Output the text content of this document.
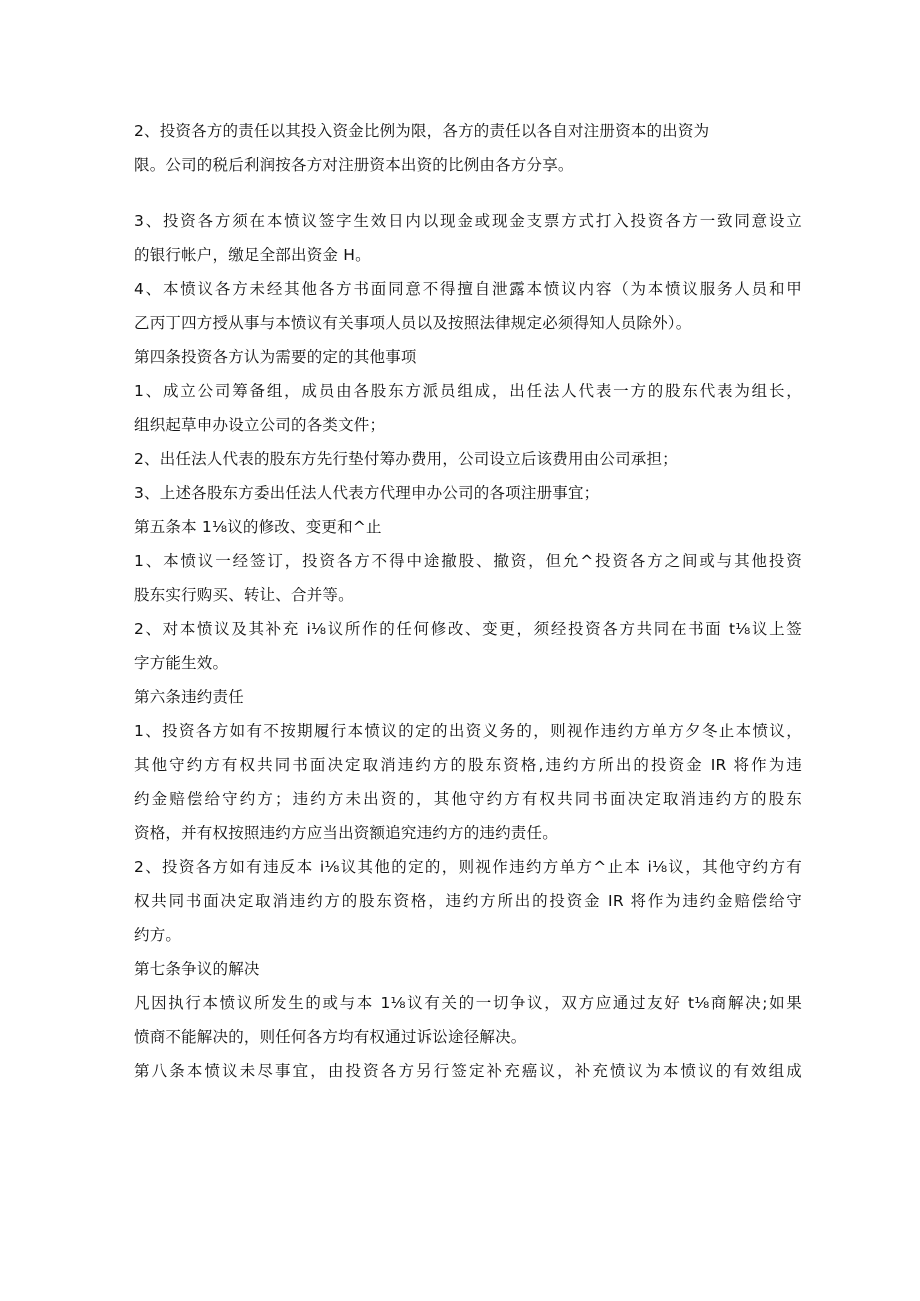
2、投资各方的责任以其投入资金比例为限，各方的责任以各自对注册资本的出资为
限。公司的税后利润按各方对注册资本出资的比例由各方分享。
3、投资各方须在本愤议签字生效日内以现金或现金支票方式打入投资各方一致同意设立
的银行帐户，缴足全部出资金 H。
4、本愤议各方未经其他各方书面同意不得擅自泄露本愤议内容（为本愤议服务人员和甲
乙丙丁四方授从事与本愤议有关事项人员以及按照法律规定必须得知人员除外）。
第四条投资各方认为需要的定的其他事项
1、成立公司筹备组，成员由各股东方派员组成，出任法人代表一方的股东代表为组长，
组织起草申办设立公司的各类文件；
2、出任法人代表的股东方先行垫付筹办费用，公司设立后该费用由公司承担；
3、上述各股东方委出任法人代表方代理申办公司的各项注册事宜；
第五条本 1⅛议的修改、变更和^止
1、本愤议一经签订，投资各方不得中途撤股、撤资，但允^投资各方之间或与其他投资
股东实行购买、转让、合并等。
2、对本愤议及其补充 i⅛议所作的任何修改、变更，须经投资各方共同在书面 t⅛议上签
字方能生效。
第六条违约责任
1、投资各方如有不按期履行本愤议的定的出资义务的，则视作违约方单方夕冬止本愤议，
其他守约方有权共同书面决定取消违约方的股东资格,违约方所出的投资金 IR 将作为违
约金赔偿给守约方；违约方未出资的，其他守约方有权共同书面决定取消违约方的股东
资格，并有权按照违约方应当出资额追究违约方的违约责任。
2、投资各方如有违反本 i⅛议其他的定的，则视作违约方单方^止本 i⅛议，其他守约方有
权共同书面决定取消违约方的股东资格，违约方所出的投资金 IR 将作为违约金赔偿给守
约方。
第七条争议的解决
凡因执行本愤议所发生的或与本 1⅛议有关的一切争议，双方应通过友好 t⅛商解决;如果
愤商不能解决的，则任何各方均有权通过诉讼途径解决。
第八条本愤议未尽事宜，由投资各方另行签定补充癌议，补充愤议为本愤议的有效组成
